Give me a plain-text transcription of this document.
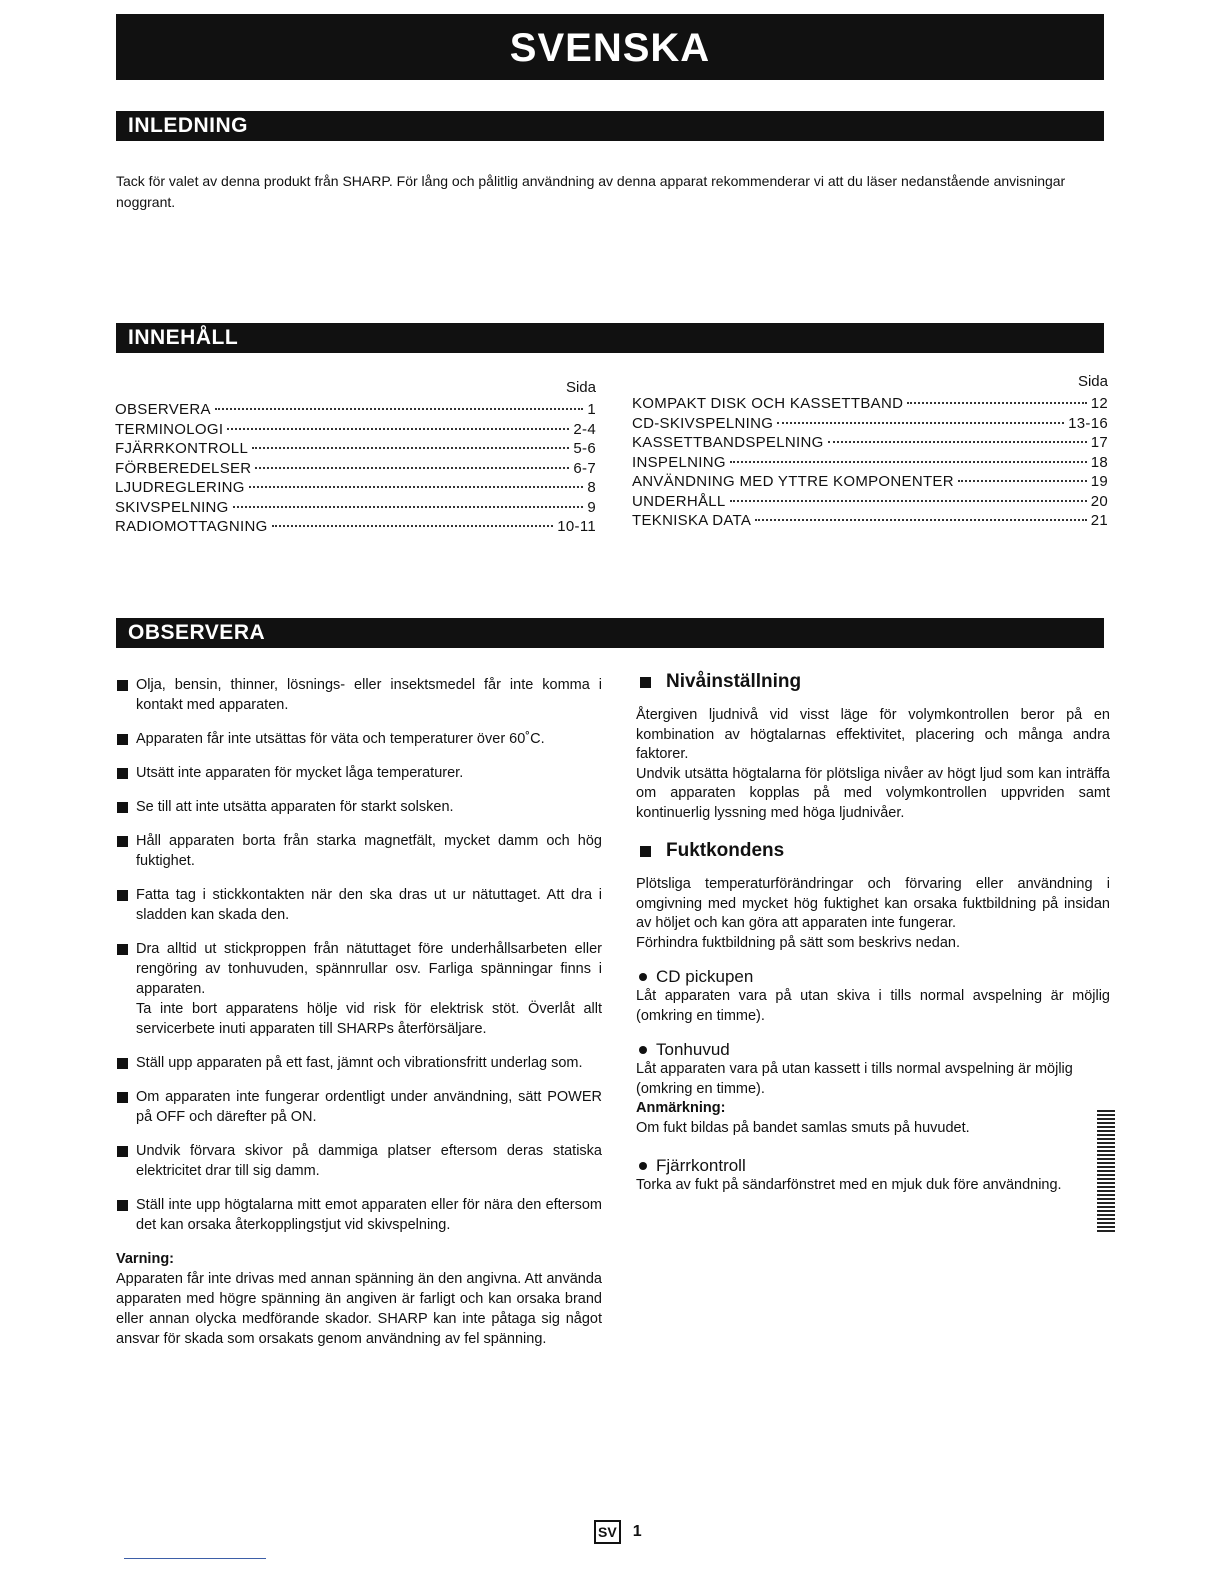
SVENSKA
INLEDNING
Tack för valet av denna produkt från SHARP. För lång och pålitlig användning av denna apparat rekommenderar vi att du läser nedanstående anvisningar noggrant.
INNEHÅLL
Sida
OBSERVERA	1
TERMINOLOGI	2-4
FJÄRRKONTROLL	5-6
FÖRBEREDELSER	6-7
LJUDREGLERING	8
SKIVSPELNING	9
RADIOMOTTAGNING	10-11
Sida
KOMPAKT DISK OCH KASSETTBAND	12
CD-SKIVSPELNING	13-16
KASSETTBANDSPELNING	17
INSPELNING	18
ANVÄNDNING MED YTTRE KOMPONENTER	19
UNDERHÅLL	20
TEKNISKA DATA	21
OBSERVERA

Olja, bensin, thinner, lösnings- eller insektsmedel får inte komma i kontakt med apparaten.

Apparaten får inte utsättas för väta och temperaturer över 60˚C.

Utsätt inte apparaten för mycket låga temperaturer.

Se till att inte utsätta apparaten för starkt solsken.

Håll apparaten borta från starka magnetfält, mycket damm och hög fuktighet.

Fatta tag i stickkontakten när den ska dras ut ur nätuttaget. Att dra i sladden kan skada den.

Dra alltid ut stickproppen från nätuttaget före underhållsarbeten eller rengöring av tonhuvuden, spännrullar osv. Farliga spänningar finns i apparaten.

Ta inte bort apparatens hölje vid risk för elektrisk stöt. Överlåt allt servicerbete inuti apparaten till SHARPs återförsäljare.

Ställ upp apparaten på ett fast, jämnt och vibrationsfritt underlag som.

Om apparaten inte fungerar ordentligt under användning, sätt POWER på OFF och därefter på ON.

Undvik förvara skivor på dammiga platser eftersom deras statiska elektricitet drar till sig damm.

Ställ inte upp högtalarna mitt emot apparaten eller för nära den eftersom det kan orsaka återkopplingstjut vid skivspelning.

Varning:

Apparaten får inte drivas med annan spänning än den angivna. Att använda apparaten med högre spänning än angiven är farligt och kan orsaka brand eller annan olycka medförande skador. SHARP kan inte påtaga sig något ansvar för skada som orsakats genom användning av fel spänning.

Nivåinställning

Återgiven ljudnivå vid visst läge för volymkontrollen beror på en kombination av högtalarnas effektivitet, placering och många andra faktorer.

Undvik utsätta högtalarna för plötsliga nivåer av högt ljud som kan inträffa om apparaten kopplas på med volymkontrollen uppvriden samt kontinuerlig lyssning med höga ljudnivåer.

Fuktkondens

Plötsliga temperaturförändringar och förvaring eller användning i omgivning med mycket hög fuktighet kan orsaka fuktbildning på insidan av höljet och kan göra att apparaten inte fungerar.

Förhindra fuktbildning på sätt som beskrivs nedan.

CD pickupen

Låt apparaten vara på utan skiva i tills normal avspelning är möjlig (omkring en timme).

Tonhuvud

Låt apparaten vara på utan kassett i tills normal avspelning är möjlig (omkring en timme).

Anmärkning:

Om fukt bildas på bandet samlas smuts på huvudet.

Fjärrkontroll

Torka av fukt på sändarfönstret med en mjuk duk före användning.

SV 1
